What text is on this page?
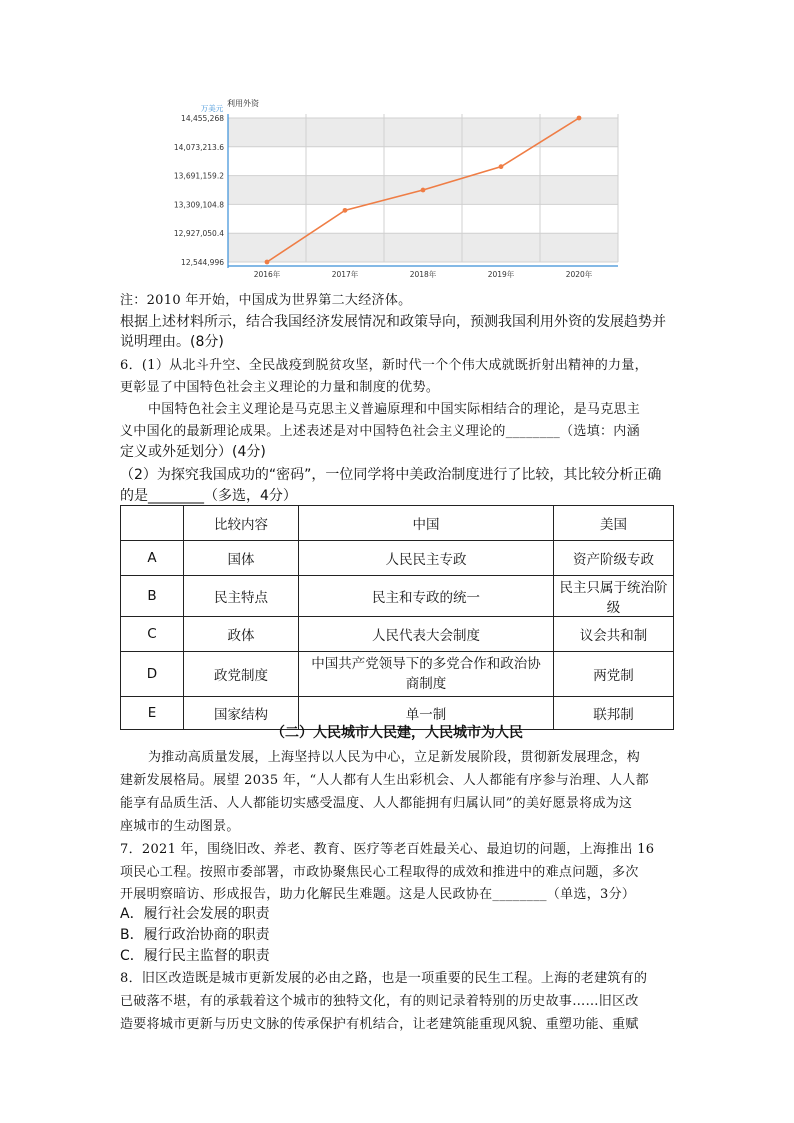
14,455,268
14,073,213.6
13,691,159.2
13,309,104.8
12,927,050.4
12,544,996
2016年	2017年	2018年	2019年	2020年
万美元
利用外资
注：2010 年开始，中国成为世界第二大经济体。
根据上述材料所示，结合我国经济发展情况和政策导向，预测我国利用外资的发展趋势并
说明理由。(8分)
6．(1）从北斗升空、全民战疫到脱贫攻坚，新时代一个个伟大成就既折射出精神的力量，
更彰显了中国特色社会主义理论的力量和制度的优势。
中国特色社会主义理论是马克思主义普遍原理和中国实际相结合的理论，是马克思主
义中国化的最新理论成果。上述表述是对中国特色社会主义理论的________（选填：内涵
定义或外延划分）(4分)
（2）为探究我国成功的“密码”，一位同学将中美政治制度进行了比较，其比较分析正确
的是________（多选，4分）
	比较内容	中国	美国
A	国体	人民民主专政	资产阶级专政
B	民主特点	民主和专政的统一	民主只属于统治阶级
C	政体	人民代表大会制度	议会共和制
D	政党制度	中国共产党领导下的多党合作和政治协商制度	两党制
E	国家结构	单一制	联邦制
（二）人民城市人民建，人民城市为人民
为推动高质量发展，上海坚持以人民为中心，立足新发展阶段，贯彻新发展理念，构
建新发展格局。展望 2035 年，“人人都有人生出彩机会、人人都能有序参与治理、人人都
能享有品质生活、人人都能切实感受温度、人人都能拥有归属认同”的美好愿景将成为这
座城市的生动图景。
7．2021 年，围绕旧改、养老、教育、医疗等老百姓最关心、最迫切的问题，上海推出 16
项民心工程。按照市委部署，市政协聚焦民心工程取得的成效和推进中的难点问题，多次
开展明察暗访、形成报告，助力化解民生难题。这是人民政协在________（单选，3分）
A．履行社会发展的职责
B．履行政治协商的职责
C．履行民主监督的职责
8．旧区改造既是城市更新发展的必由之路，也是一项重要的民生工程。上海的老建筑有的
已破落不堪，有的承载着这个城市的独特文化，有的则记录着特别的历史故事……旧区改
造要将城市更新与历史文脉的传承保护有机结合，让老建筑能重现风貌、重塑功能、重赋
